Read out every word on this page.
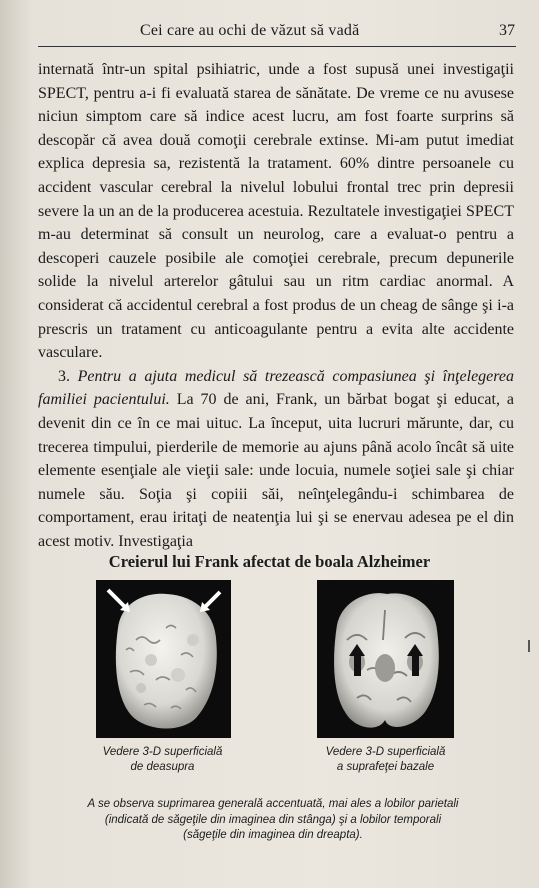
Cei care au ochi de văzut să vadă	37

internată într-un spital psihiatric, unde a fost supusă unei investigaţii SPECT, pentru a-i fi evaluată starea de sănătate. De vreme ce nu avusese niciun simptom care să indice acest lucru, am fost foarte surprins să descopăr că avea două comoţii cerebrale extinse. Mi-am putut imediat explica depresia sa, rezistentă la tratament. 60% dintre persoanele cu accident vascular cerebral la nivelul lobului frontal trec prin depresii severe la un an de la producerea acestuia. Rezultatele investigaţiei SPECT m-au determinat să consult un neurolog, care a evaluat-o pentru a descoperi cauzele posibile ale comoţiei cerebrale, precum depunerile solide la nivelul arterelor gâtului sau un ritm cardiac anormal. A considerat că accidentul cerebral a fost produs de un cheag de sânge şi i-a prescris un tratament cu anticoagulante pentru a evita alte accidente vasculare.

3. Pentru a ajuta medicul să trezească compasiunea şi înţelegerea familiei pacientului. La 70 de ani, Frank, un bărbat bogat şi educat, a devenit din ce în ce mai uituc. La început, uita lucruri mărunte, dar, cu trecerea timpului, pierderile de memorie au ajuns până acolo încât să uite elemente esenţiale ale vieţii sale: unde locuia, numele soţiei sale şi chiar numele său. Soţia şi copiii săi, neînţelegându-i schimbarea de comportament, erau iritaţi de neatenţia lui şi se enervau adesea pe el din acest motiv. Investigaţia

Creierul lui Frank afectat de boala Alzheimer
Vedere 3-D superficială
de deasupra
Vedere 3-D superficială
a suprafeţei bazale
A se observa suprimarea generală accentuată, mai ales a lobilor parietali
(indicată de săgeţile din imaginea din stânga) şi a lobilor temporali
(săgeţile din imaginea din dreapta).
